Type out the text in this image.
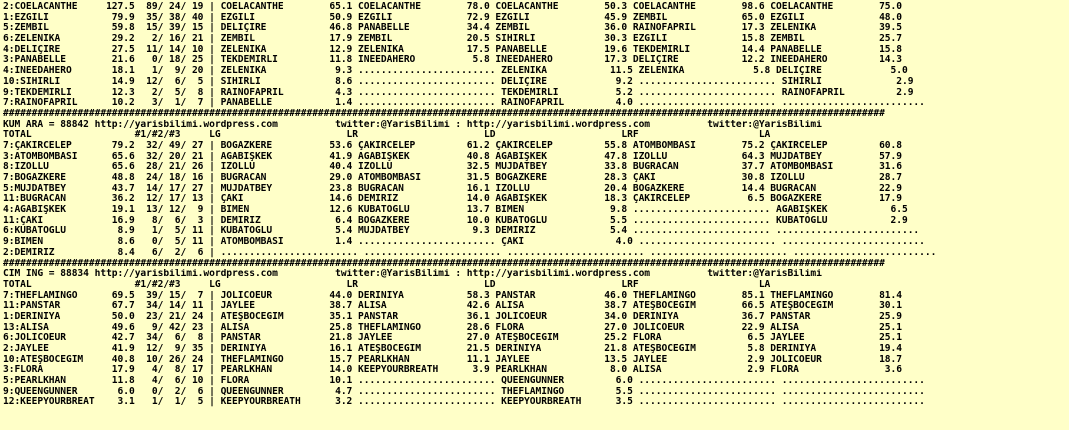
2:COELACANTHE     127.5  89/ 24/ 19 | COELACANTHE        65.1 COELACANTHE        78.0 COELACANTHE        50.3 COELACANTHE        98.6 COELACANTHE        75.0
1:EZGİLİ           79.9  35/ 38/ 40 | EZGİLİ             50.9 EZGİLİ             72.9 EZGİLİ             45.9 ZEMBİL             65.0 EZGİLİ             48.0
5:ZEMBİL           59.8  15/ 39/ 15 | DELİÇİRE           46.8 PANABELLE          34.4 ZEMBİL             36.0 RAINOFAPRIL        17.3 ZELENİKA           39.5
6:ZELENİKA         29.2   2/ 16/ 21 | ZEMBİL             17.9 ZEMBİL             20.5 SİHİRLİ            30.3 EZGİLİ             15.8 ZEMBİL             25.7
4:DELİÇİRE         27.5  11/ 14/ 10 | ZELENİKA           12.9 ZELENİKA           17.5 PANABELLE          19.6 TEKDEMİRLİ         14.4 PANABELLE          15.8
3:PANABELLE        21.6   0/ 18/ 25 | TEKDEMİRLİ         11.8 INEEDAHERO          5.8 INEEDAHERO         17.3 DELİÇİRE           12.2 INEEDAHERO         14.3
4:INEEDAHERO       18.1   1/  9/ 20 | ZELENİKA            9.3 ........................ ZELENİKA           11.5 ZELENİKA            5.8 DELİÇİRE            5.0
10:SİHİRLİ         14.9  12/  6/  5 | SİHİRLİ             8.6 ........................ DELİÇİRE            9.2 ........................ SİHİRLİ             2.9
9:TEKDEMİRLİ       12.3   2/  5/  8 | RAINOFAPRIL         4.3 ........................ TEKDEMİRLİ          5.2 ........................ RAINOFAPRIL         2.9
7:RAINOFAPRIL      10.2   3/  1/  7 | PANABELLE           1.4 ........................ RAINOFAPRIL         4.0 ........................ .........................
##########################################################################################################################################################
KUM ARA = 88842 http://yarisbilimi.wordpress.com          twitter:@YarisBilimi : http://yarisbilimi.wordpress.com          twitter:@YarisBilimi
TOTAL                  #1/#2/#3     LG                      LR                      LD                      LRF                     LA
7:ÇAKIRCELEP       79.2  32/ 49/ 27 | BOĞAZKERE          53.6 ÇAKIRCELEP         61.2 ÇAKIRCELEP         55.8 ATOMBOMBASI        75.2 ÇAKIRCELEP         60.8
3:ATOMBOMBASI      65.6  32/ 20/ 21 | AĞABİŞKEK          41.9 AĞABİŞKEK          40.8 AĞABİŞKEK          47.8 İZOLLU             64.3 MÜJDATBEY          57.9
8:İZOLLU           65.6  28/ 21/ 26 | İZOLLU             40.4 İZOLLU             32.5 MÜJDATBEY          33.8 BUĞRACAN           37.7 ATOMBOMBASI        31.6
7:BOĞAZKERE        48.8  24/ 18/ 16 | BUĞRACAN           29.0 ATOMBOMBASI        31.5 BOĞAZKERE          28.3 ÇAKI               30.8 İZOLLU             28.7
5:MÜJDATBEY        43.7  14/ 17/ 27 | MÜJDATBEY          23.8 BUĞRACAN           16.1 İZOLLU             20.4 BOĞAZKERE          14.4 BUĞRACAN           22.9
11:BUĞRACAN        36.2  12/ 17/ 13 | ÇAKI               14.6 DEMİRİZ            14.0 AĞABİŞKEK          18.3 ÇAKIRCELEP          6.5 BOĞAZKERE          17.9
4:AĞABİŞKEK        19.1  13/ 12/  9 | BİMEN              12.6 KUBATOĞLU          13.7 BİMEN               9.8 ........................ AĞABİŞKEK           6.5
11:ÇAKI            16.9   8/  6/  3 | DEMİRİZ             6.4 BOĞAZKERE          10.0 KUBATOĞLU           5.5 ........................ KUBATOĞLU           2.9
6:KUBATOĞLU         8.9   1/  5/ 11 | KUBATOĞLU           5.4 MÜJDATBEY           9.3 DEMİRİZ             5.4 ........................ .........................
9:BİMEN             8.6   0/  5/ 11 | ATOMBOMBASI         1.4 ........................ ÇAKI                4.0 ........................ .........................
2:DEMİRİZ           8.4   6/  2/  6 | ........................ ........................ ........................ ........................ .........................
##########################################################################################################################################################
CIM ING = 88834 http://yarisbilimi.wordpress.com          twitter:@YarisBilimi : http://yarisbilimi.wordpress.com          twitter:@YarisBilimi
TOTAL                  #1/#2/#3     LG                      LR                      LD                      LRF                     LA
7:THEFLAMINGO      69.5  39/ 15/  7 | JOLICOEUR          44.0 DERİNİYA           58.3 PANSTAR            46.0 THEFLAMINGO        85.1 THEFLAMINGO        81.4
11:PANSTAR         67.7  34/ 14/ 11 | JAYLEE             38.7 ALISA              42.6 ALISA              38.7 ATEŞBÖCEĞİM        66.5 ATEŞBÖCEĞİM        30.1
1:DERİNİYA         50.0  23/ 21/ 24 | ATEŞBÖCEĞİM        35.1 PANSTAR            36.1 JOLICOEUR          34.0 DERİNİYA           36.7 PANSTAR            25.9
13:ALISA           49.6   9/ 42/ 23 | ALISA              25.8 THEFLAMINGO        28.6 FLORA              27.0 JOLICOEUR          22.9 ALISA              25.1
6:JOLICOEUR        42.7  34/  6/  8 | PANSTAR            21.8 JAYLEE             27.0 ATEŞBÖCEĞİM        25.2 FLORA               6.5 JAYLEE             25.1
2:JAYLEE           41.9  12/  9/ 35 | DERİNİYA           16.1 ATEŞBÖCEĞİM        21.5 DERİNİYA           21.8 ATEŞBÖCEĞİM         5.8 DERİNİYA           19.4
10:ATEŞBÖCEĞİM     40.8  10/ 26/ 24 | THEFLAMINGO        15.7 PEARLKHAN          11.1 JAYLEE             13.5 JAYLEE              2.9 JOLICOEUR          18.7
3:FLORA            17.9   4/  8/ 17 | PEARLKHAN          14.0 KEEPYOURBREATH      3.9 PEARLKHAN           8.0 ALISA               2.9 FLORA               3.6
5:PEARLKHAN        11.8   4/  6/ 10 | FLORA              10.1 ........................ QUEENGUNNER         6.0 ........................ .........................
9:QUEENGUNNER       6.0   0/  2/  6 | QUEENGUNNER         4.7 ........................ THEFLAMINGO         5.5 ........................ .........................
12:KEEPYOURBREAT    3.1   1/  1/  5 | KEEPYOURBREATH      3.2 ........................ KEEPYOURBREATH      3.5 ........................ .........................
